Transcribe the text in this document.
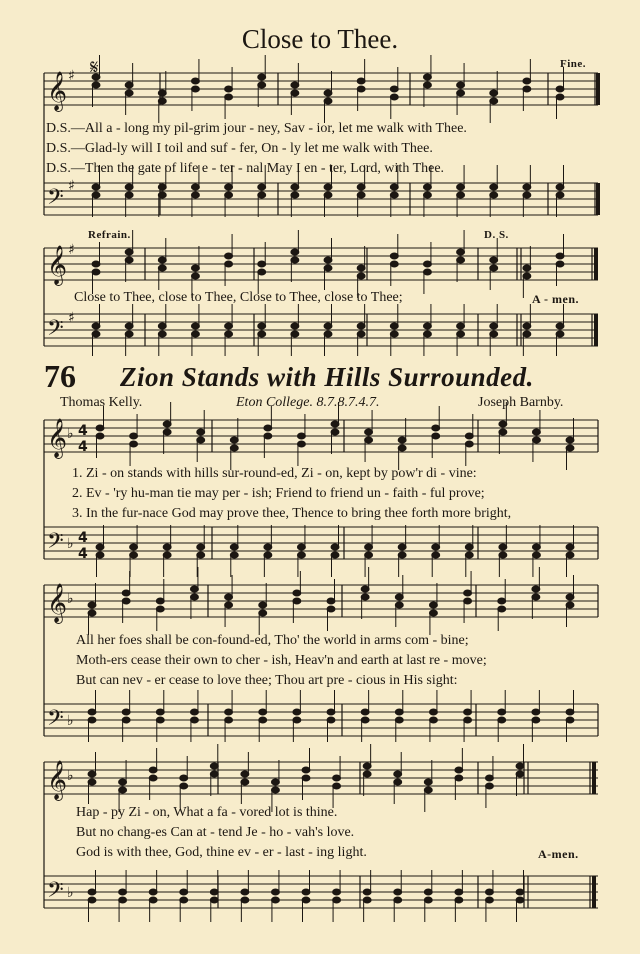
𝄞
𝄢
𝄞
𝄢
𝄞
𝄢
𝄞
𝄢
𝄞
𝄢
♯
♯
♯
♯
♭
♭
♭
♭
♭
♭
4
4
4
4
Close to Thee.
𝄋	Fine.
D.S.—All a - long my pil-grim jour - ney, Sav - ior, let me walk with Thee.
D.S.—Glad-ly will I toil and suf - fer, On - ly let me walk with Thee.
D.S.—Then the gate of life e - ter - nal May I en - ter, Lord, with Thee.
Refrain.	D. S.
Close to Thee, close to Thee, Close to Thee, close to Thee;	A - men.
76 Zion Stands with Hills Surrounded.
Thomas Kelly.	Eton College. 8.7.8.7.4.7.	Joseph Barnby.
1. Zi - on stands with hills sur-round-ed, Zi - on, kept by pow'r di - vine:
2. Ev - 'ry hu-man tie may per - ish; Friend to friend un - faith - ful prove;
3. In the fur-nace God may prove thee, Thence to bring thee forth more bright,
All her foes shall be con-found-ed, Tho' the world in arms com - bine;
Moth-ers cease their own to cher - ish, Heav'n and earth at last re - move;
But can nev - er cease to love thee; Thou art pre - cious in His sight:
Hap - py Zi - on, What a fa - vored lot is thine.
But no chang-es Can at - tend Je - ho - vah's love.
God is with thee, God, thine ev - er - last - ing light.	A-men.
